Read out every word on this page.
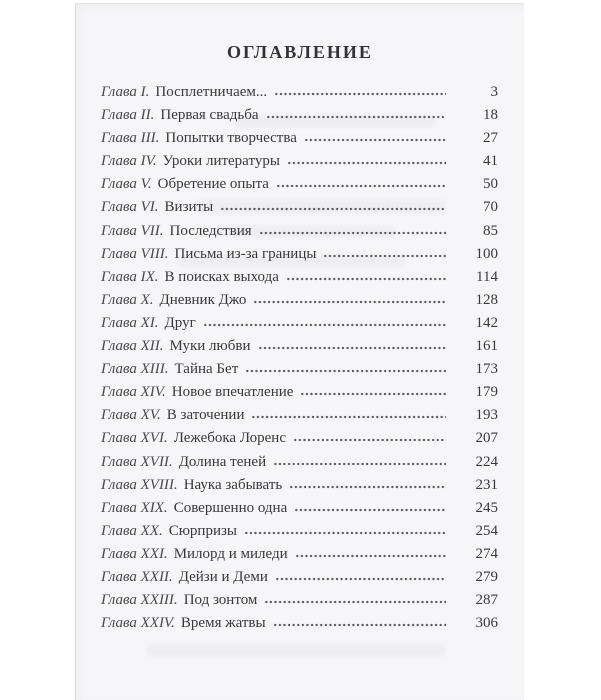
ОГЛАВЛЕНИЕ
Глава I. Посплетничаем...	3
Глава II. Первая свадьба	18
Глава III. Попытки творчества	27
Глава IV. Уроки литературы	41
Глава V. Обретение опыта	50
Глава VI. Визиты	70
Глава VII. Последствия	85
Глава VIII. Письма из-за границы	100
Глава IX. В поисках выхода	114
Глава X. Дневник Джо	128
Глава XI. Друг	142
Глава XII. Муки любви	161
Глава XIII. Тайна Бет	173
Глава XIV. Новое впечатление	179
Глава XV. В заточении	193
Глава XVI. Лежебока Лоренс	207
Глава XVII. Долина теней	224
Глава XVIII. Наука забывать	231
Глава XIX. Совершенно одна	245
Глава XX. Сюрпризы	254
Глава XXI. Милорд и миледи	274
Глава XXII. Дейзи и Деми	279
Глава XXIII. Под зонтом	287
Глава XXIV. Время жатвы	306
